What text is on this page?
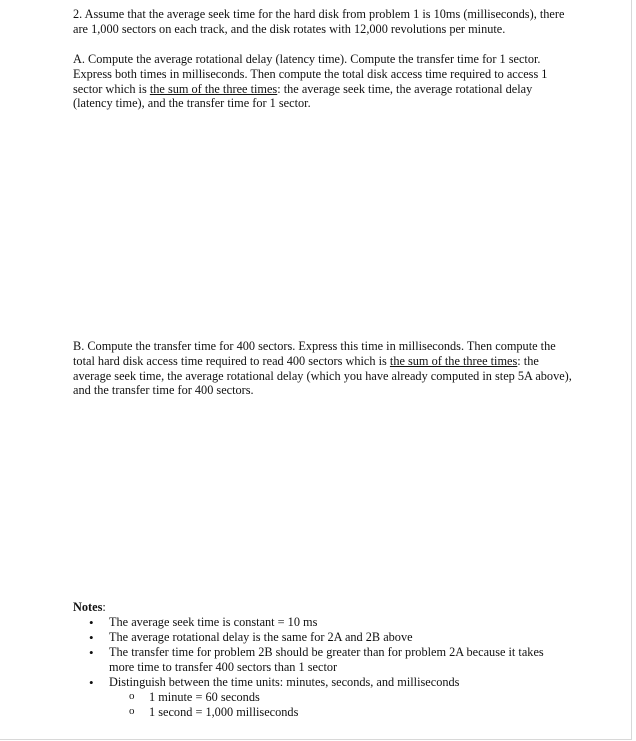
2. Assume that the average seek time for the hard disk from problem 1 is 10ms (milliseconds), there are 1,000 sectors on each track, and the disk rotates with 12,000 revolutions per minute.

A. Compute the average rotational delay (latency time). Compute the transfer time for 1 sector. Express both times in milliseconds. Then compute the total disk access time required to access 1 sector which is the sum of the three times: the average seek time, the average rotational delay (latency time), and the transfer time for 1 sector.

B. Compute the transfer time for 400 sectors. Express this time in milliseconds. Then compute the total hard disk access time required to read 400 sectors which is the sum of the three times: the average seek time, the average rotational delay (which you have already computed in step 5A above), and the transfer time for 400 sectors.

Notes:

• The average seek time is constant = 10 ms
• The average rotational delay is the same for 2A and 2B above
• The transfer time for problem 2B should be greater than for problem 2A because it takes more time to transfer 400 sectors than 1 sector
• Distinguish between the time units: minutes, seconds, and milliseconds
o 1 minute = 60 seconds
o 1 second = 1,000 milliseconds
